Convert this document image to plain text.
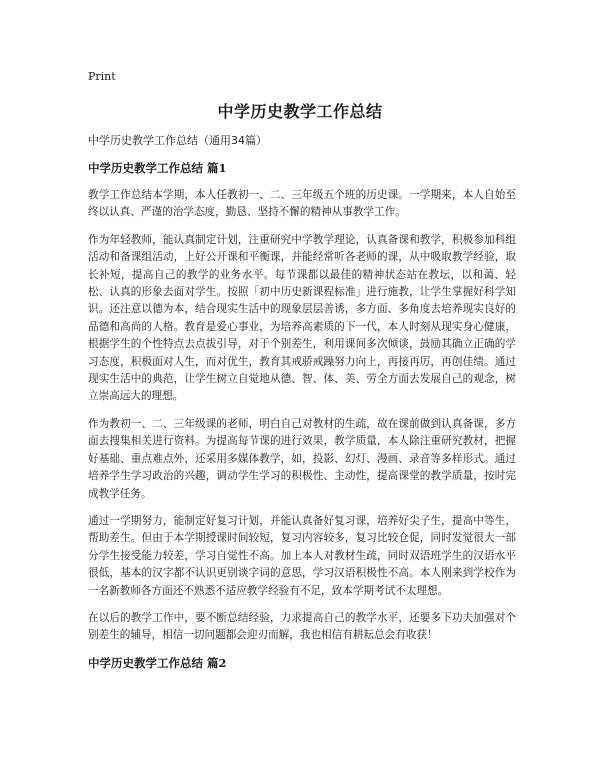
Print
中学历史教学工作总结

中学历史教学工作总结（通用34篇）

中学历史教学工作总结 篇1

教学工作总结本学期，本人任教初一、二、三年级五个班的历史课。一学期来，本人自始至终以认真、严谨的治学态度，勤恳、坚持不懈的精神从事教学工作。

作为年轻教师，能认真制定计划，注重研究中学教学理论，认真备课和教学，积极参加科组活动和备课组活动，上好公开课和平衡课，并能经常听各老师的课，从中吸取教学经验，取长补短，提高自己的教学的业务水平。每节课都以最佳的精神状态站在教坛，以和蔼、轻松、认真的形象去面对学生。按照「初中历史新课程标准」进行施教，让学生掌握好科学知识。还注意以德为本，结合现实生活中的现象层层善诱，多方面、多角度去培养现实良好的品德和高尚的人格。教育是爱心事业，为培养高素质的下一代，本人时刻从现实身心健康，根据学生的个性特点去点拔引导，对于个别差生，利用课间多次倾谈，鼓励其确立正确的学习态度，积极面对人生，而对优生，教育其戒骄戒躁努力向上，再接再厉，再创佳绩。通过现实生活中的典范，让学生树立自觉地从德、智、体、美、劳全方面去发展自己的观念，树立崇高远大的理想。

作为教初一、二、三年级课的老师，明白自己对教材的生疏，故在课前做到认真备课，多方面去搜集相关进行资料。为提高每节课的进行效果，教学质量，本人除注重研究教材，把握好基础、重点难点外，还采用多媒体教学，如，投影、幻灯、漫画、录音等多样形式。通过培养学生学习政治的兴趣，调动学生学习的积极性、主动性，提高课堂的教学质量，按时完成教学任务。

通过一学期努力，能制定好复习计划，并能认真备好复习课，培养好尖子生，提高中等生，帮助差生。但由于本学期授课时间较短，复习内容较多，复习比较仓促，同时发觉很大一部分学生接受能力较差，学习自觉性不高。加上本人对教材生疏，同时双语班学生的汉语水平很低，基本的汉字都不认识更别谈字词的意思，学习汉语积极性不高。本人刚来到学校作为一名新教师各方面还不熟悉不适应教学经验有不足，致本学期考试不太理想。

在以后的教学工作中，要不断总结经验，力求提高自己的教学水平，还要多下功夫加强对个别差生的辅导，相信一切问题都会迎刃而解，我也相信有耕耘总会有收获！

中学历史教学工作总结 篇2
